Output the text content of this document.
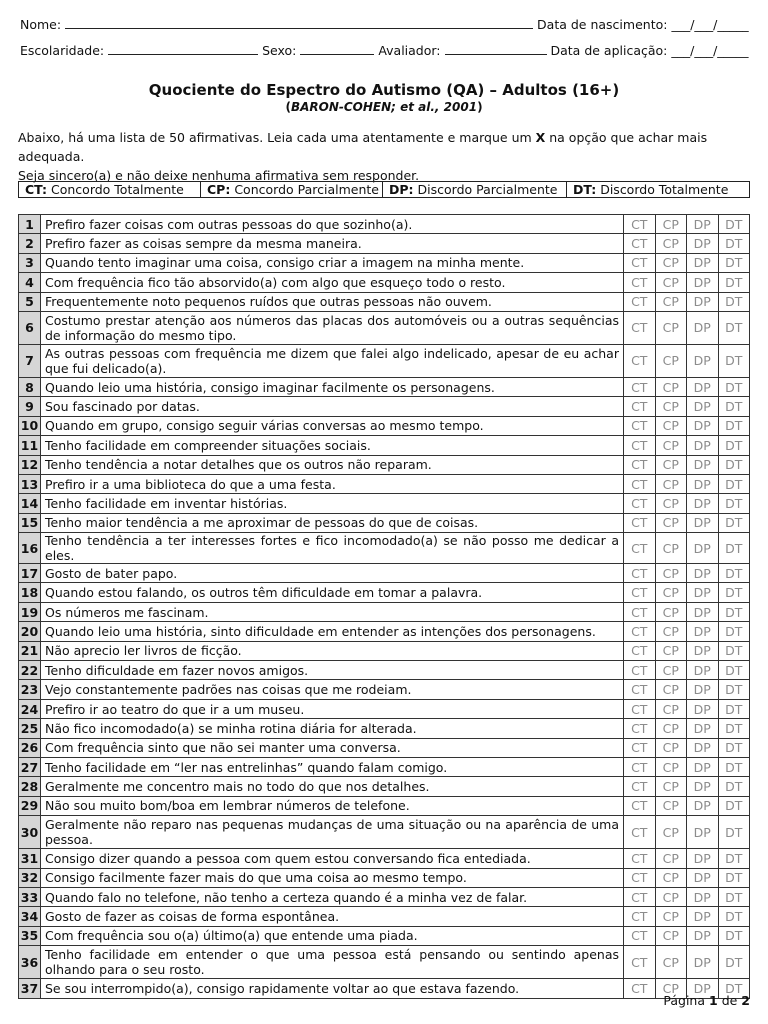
Nome:	Data de nascimento: ___/___/_____
Escolaridade:	Sexo:	Avaliador:	Data de aplicação: ___/___/_____
Quociente do Espectro do Autismo (QA) – Adultos (16+)
(BARON-COHEN; et al., 2001)

Abaixo, há uma lista de 50 afirmativas. Leia cada uma atentamente e marque um X na opção que achar mais adequada.

Seja sincero(a) e não deixe nenhuma afirmativa sem responder.

CT: Concordo Totalmente	CP: Concordo Parcialmente DP: Discordo Parcialmente	DT: Discordo Totalmente
1	Prefiro fazer coisas com outras pessoas do que sozinho(a).	CT	CP	DP	DT
2	Prefiro fazer as coisas sempre da mesma maneira.	CT	CP	DP	DT
3	Quando tento imaginar uma coisa, consigo criar a imagem na minha mente.	CT	CP	DP	DT
4	Com frequência fico tão absorvido(a) com algo que esqueço todo o resto.	CT	CP	DP	DT
5	Frequentemente noto pequenos ruídos que outras pessoas não ouvem.	CT	CP	DP	DT
6	Costumo prestar atenção aos números das placas dos automóveis ou a outras sequências de informação do mesmo tipo.	CT	CP	DP	DT
7	As outras pessoas com frequência me dizem que falei algo indelicado, apesar de eu achar que fui delicado(a).	CT	CP	DP	DT
8	Quando leio uma história, consigo imaginar facilmente os personagens.	CT	CP	DP	DT
9	Sou fascinado por datas.	CT	CP	DP	DT
10	Quando em grupo, consigo seguir várias conversas ao mesmo tempo.	CT	CP	DP	DT
11	Tenho facilidade em compreender situações sociais.	CT	CP	DP	DT
12	Tenho tendência a notar detalhes que os outros não reparam.	CT	CP	DP	DT
13	Prefiro ir a uma biblioteca do que a uma festa.	CT	CP	DP	DT
14	Tenho facilidade em inventar histórias.	CT	CP	DP	DT
15	Tenho maior tendência a me aproximar de pessoas do que de coisas.	CT	CP	DP	DT
16	Tenho tendência a ter interesses fortes e fico incomodado(a) se não posso me dedicar a eles.	CT	CP	DP	DT
17	Gosto de bater papo.	CT	CP	DP	DT
18	Quando estou falando, os outros têm dificuldade em tomar a palavra.	CT	CP	DP	DT
19	Os números me fascinam.	CT	CP	DP	DT
20	Quando leio uma história, sinto dificuldade em entender as intenções dos personagens.	CT	CP	DP	DT
21	Não aprecio ler livros de ficção.	CT	CP	DP	DT
22	Tenho dificuldade em fazer novos amigos.	CT	CP	DP	DT
23	Vejo constantemente padrões nas coisas que me rodeiam.	CT	CP	DP	DT
24	Prefiro ir ao teatro do que ir a um museu.	CT	CP	DP	DT
25	Não fico incomodado(a) se minha rotina diária for alterada.	CT	CP	DP	DT
26	Com frequência sinto que não sei manter uma conversa.	CT	CP	DP	DT
27	Tenho facilidade em “ler nas entrelinhas” quando falam comigo.	CT	CP	DP	DT
28	Geralmente me concentro mais no todo do que nos detalhes.	CT	CP	DP	DT
29	Não sou muito bom/boa em lembrar números de telefone.	CT	CP	DP	DT
30	Geralmente não reparo nas pequenas mudanças de uma situação ou na aparência de uma pessoa.	CT	CP	DP	DT
31	Consigo dizer quando a pessoa com quem estou conversando fica entediada.	CT	CP	DP	DT
32	Consigo facilmente fazer mais do que uma coisa ao mesmo tempo.	CT	CP	DP	DT
33	Quando falo no telefone, não tenho a certeza quando é a minha vez de falar.	CT	CP	DP	DT
34	Gosto de fazer as coisas de forma espontânea.	CT	CP	DP	DT
35	Com frequência sou o(a) último(a) que entende uma piada.	CT	CP	DP	DT
36	Tenho facilidade em entender o que uma pessoa está pensando ou sentindo apenas olhando para o seu rosto.	CT	CP	DP	DT
37	Se sou interrompido(a), consigo rapidamente voltar ao que estava fazendo.	CT	CP	DP	DT
Página 1 de 2
